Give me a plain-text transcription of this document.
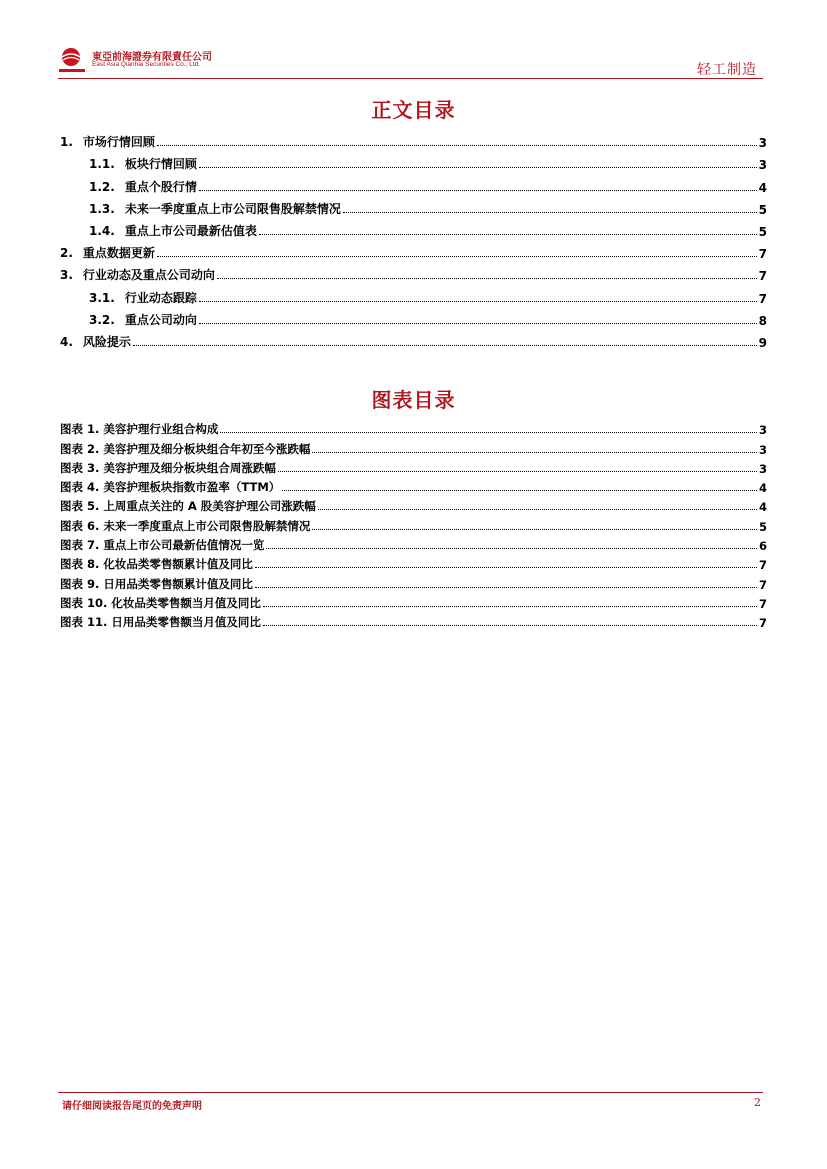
東亞前海證券有限責任公司
East Asia Qianhai Securities Co., Ltd.	轻工制造
正文目录
1. 市场行情回顾	3
1.1. 板块行情回顾	3
1.2. 重点个股行情	4
1.3. 未来一季度重点上市公司限售股解禁情况	5
1.4. 重点上市公司最新估值表	5
2. 重点数据更新	7
3. 行业动态及重点公司动向	7
3.1. 行业动态跟踪	7
3.2. 重点公司动向	8
4. 风险提示	9
图表目录
图表 1. 美容护理行业组合构成	3
图表 2. 美容护理及细分板块组合年初至今涨跌幅	3
图表 3. 美容护理及细分板块组合周涨跌幅	3
图表 4. 美容护理板块指数市盈率（TTM）	4
图表 5. 上周重点关注的 A 股美容护理公司涨跌幅	4
图表 6. 未来一季度重点上市公司限售股解禁情况	5
图表 7. 重点上市公司最新估值情况一览	6
图表 8. 化妆品类零售额累计值及同比	7
图表 9. 日用品类零售额累计值及同比	7
图表 10. 化妆品类零售额当月值及同比	7
图表 11. 日用品类零售额当月值及同比	7
请仔细阅读报告尾页的免责声明	2
